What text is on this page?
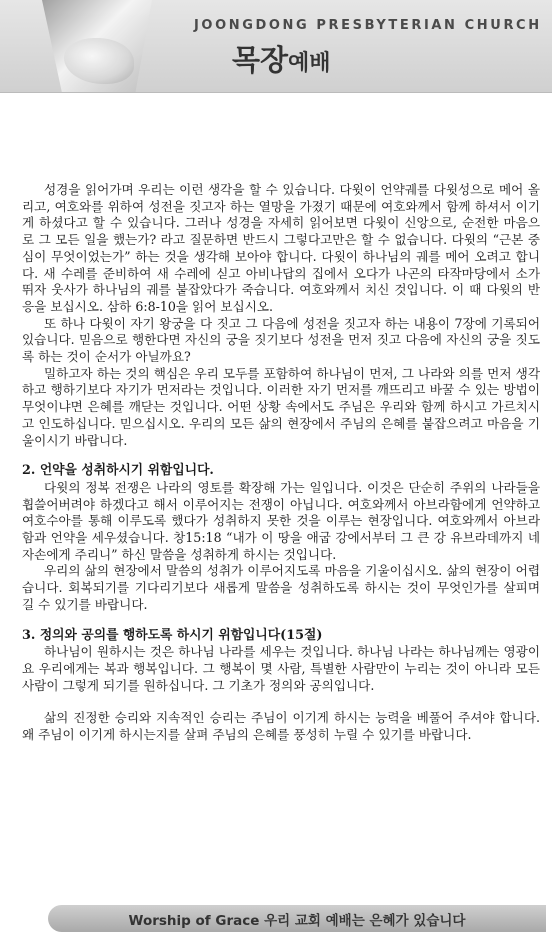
JOONGDONG PRESBYTERIAN CHURCH
목장예배

성경을 읽어가며 우리는 이런 생각을 할 수 있습니다. 다윗이 언약궤를 다윗성으로 메어 올리고, 여호와를 위하여 성전을 짓고자 하는 열망을 가졌기 때문에 여호와께서 함께 하셔서 이기게 하셨다고 할 수 있습니다. 그러나 성경을 자세히 읽어보면 다윗이 신앙으로, 순전한 마음으로 그 모든 일을 했는가? 라고 질문하면 반드시 그렇다고만은 할 수 없습니다. 다윗의 “근본 중심이 무엇이었는가” 하는 것을 생각해 보아야 합니다. 다윗이 하나님의 궤를 메어 오려고 합니다. 새 수레를 준비하여 새 수레에 싣고 아비나답의 집에서 오다가 나곤의 타작마당에서 소가 뛰자 웃사가 하나님의 궤를 붙잡았다가 죽습니다. 여호와께서 치신 것입니다. 이 때 다윗의 반응을 보십시오. 삼하 6:8-10을 읽어 보십시오.

또 하나 다윗이 자기 왕궁을 다 짓고 그 다음에 성전을 짓고자 하는 내용이 7장에 기록되어 있습니다. 믿음으로 행한다면 자신의 궁을 짓기보다 성전을 먼저 짓고 다음에 자신의 궁을 짓도록 하는 것이 순서가 아닐까요?

밀하고자 하는 것의 핵심은 우리 모두를 포함하여 하나님이 먼저, 그 나라와 의를 먼저 생각하고 행하기보다 자기가 먼저라는 것입니다. 이러한 자기 먼저를 깨뜨리고 바꿀 수 있는 방법이 무엇이냐면 은혜를 깨닫는 것입니다. 어떤 상황 속에서도 주님은 우리와 함께 하시고 가르치시고 인도하십니다. 믿으십시오. 우리의 모든 삶의 현장에서 주님의 은혜를 붙잡으려고 마음을 기울이시기 바랍니다.

2. 언약을 성취하시기 위함입니다.

다윗의 정복 전쟁은 나라의 영토를 확장해 가는 일입니다. 이것은 단순히 주위의 나라들을 휩쓸어버려야 하겠다고 해서 이루어지는 전쟁이 아닙니다. 여호와께서 아브라함에게 언약하고 여호수아를 통해 이루도록 했다가 성취하지 못한 것을 이루는 현장입니다. 여호와께서 아브라함과 언약을 세우셨습니다. 창15:18 “내가 이 땅을 애굽 강에서부터 그 큰 강 유브라데까지 네 자손에게 주리니” 하신 말씀을 성취하게 하시는 것입니다.

우리의 삶의 현장에서 말씀의 성취가 이루어지도록 마음을 기울이십시오. 삶의 현장이 어렵습니다. 회복되기를 기다리기보다 새롭게 말씀을 성취하도록 하시는 것이 무엇인가를 살피며 길 수 있기를 바랍니다.

3. 정의와 공의를 행하도록 하시기 위함입니다(15절)

하나님이 원하시는 것은 하나님 나라를 세우는 것입니다. 하나님 나라는 하나님께는 영광이요 우리에게는 복과 행복입니다. 그 행복이 몇 사람, 특별한 사람만이 누리는 것이 아니라 모든 사람이 그렇게 되기를 원하십니다. 그 기초가 정의와 공의입니다.

삶의 진정한 승리와 지속적인 승리는 주님이 이기게 하시는 능력을 베풀어 주셔야 합니다. 왜 주님이 이기게 하시는지를 살펴 주님의 은혜를 풍성히 누릴 수 있기를 바랍니다.

Worship of Grace 우리 교회 예배는 은혜가 있습니다
